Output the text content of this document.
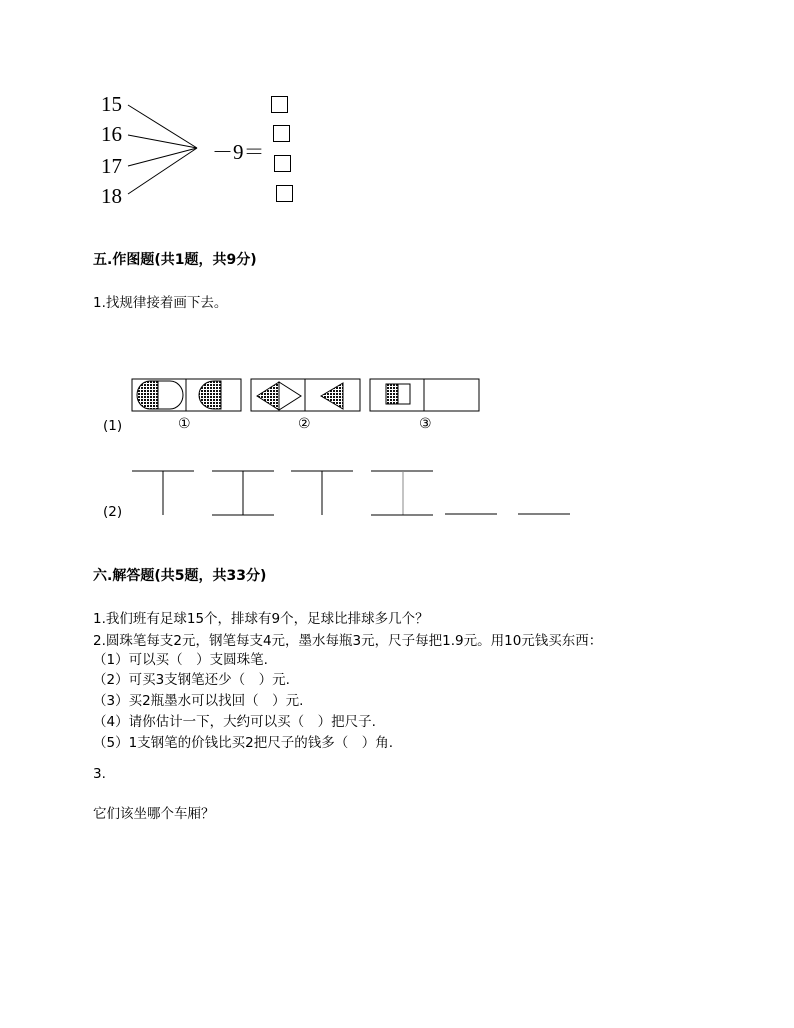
15
16
17
18
－9＝
五.作图题(共1题，共9分)
1.找规律接着画下去。
①	②	③
(1)
(2)
六.解答题(共5题，共33分)
1.我们班有足球15个，排球有9个，足球比排球多几个？
2.圆珠笔每支2元，钢笔每支4元，墨水每瓶3元，尺子每把1.9元。用10元钱买东西：
（1）可以买（　）支圆珠笔.
（2）可买3支钢笔还少（　）元.
（3）买2瓶墨水可以找回（　）元.
（4）请你估计一下，大约可以买（　）把尺子.
（5）1支钢笔的价钱比买2把尺子的钱多（　）角.
3.
它们该坐哪个车厢？
